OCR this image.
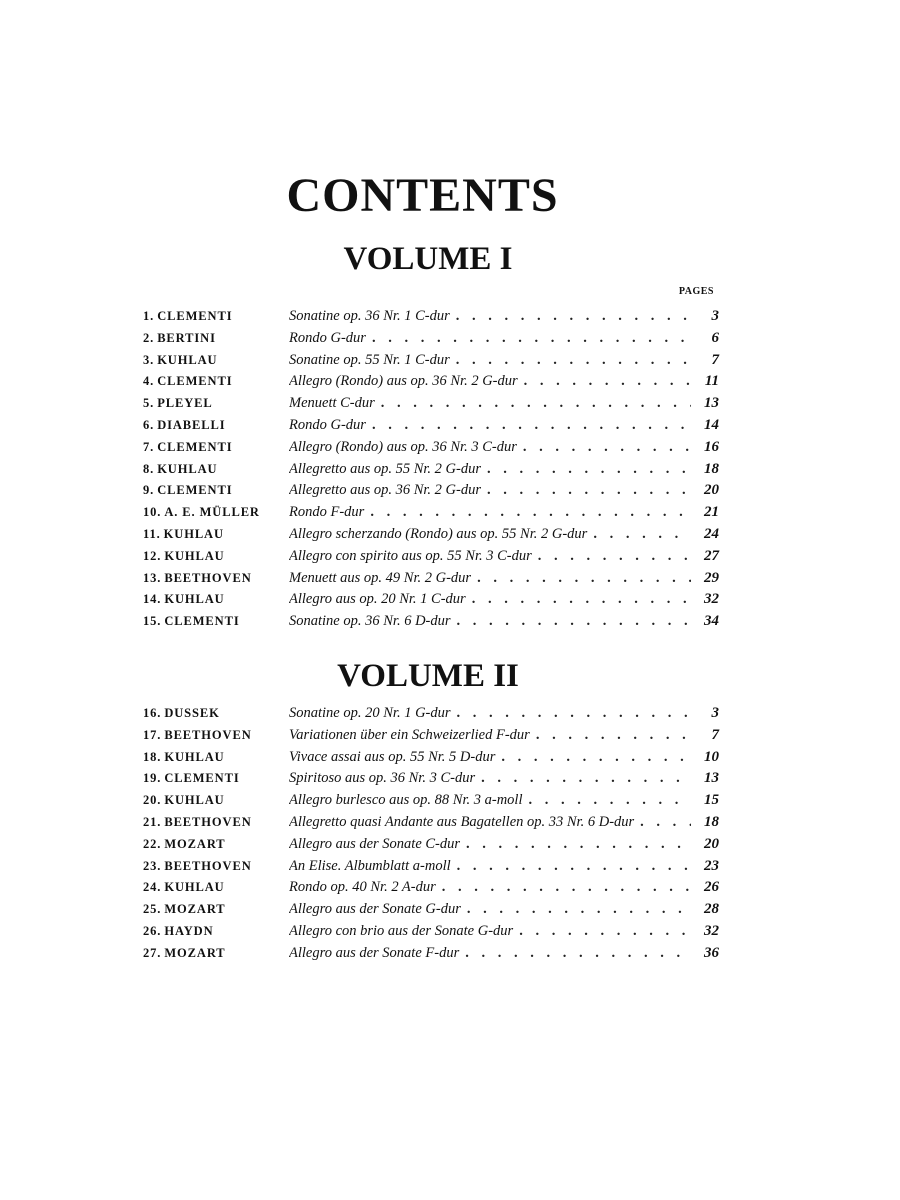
CONTENTS
VOLUME I
PAGES
1. CLEMENTI	Sonatine op. 36 Nr. 1 C-dur . . .	3
2. BERTINI	Rondo G-dur . . .	6
3. KUHLAU	Sonatine op. 55 Nr. 1 C-dur . . .	7
4. CLEMENTI	Allegro (Rondo) aus op. 36 Nr. 2 G-dur . . .	11
5. PLEYEL	Menuett C-dur . . .	13
6. DIABELLI	Rondo G-dur . . .	14
7. CLEMENTI	Allegro (Rondo) aus op. 36 Nr. 3 C-dur . . .	16
8. KUHLAU	Allegretto aus op. 55 Nr. 2 G-dur . . .	18
9. CLEMENTI	Allegretto aus op. 36 Nr. 2 G-dur . . .	20
10. A. E. MÜLLER	Rondo F-dur . . .	21
11. KUHLAU	Allegro scherzando (Rondo) aus op. 55 Nr. 2 G-dur . . .	24
12. KUHLAU	Allegro con spirito aus op. 55 Nr. 3 C-dur . . .	27
13. BEETHOVEN	Menuett aus op. 49 Nr. 2 G-dur . . .	29
14. KUHLAU	Allegro aus op. 20 Nr. 1 C-dur . . .	32
15. CLEMENTI	Sonatine op. 36 Nr. 6 D-dur . . .	34
VOLUME II
16. DUSSEK	Sonatine op. 20 Nr. 1 G-dur . . .	3
17. BEETHOVEN	Variationen über ein Schweizerlied F-dur . . .	7
18. KUHLAU	Vivace assai aus op. 55 Nr. 5 D-dur . . .	10
19. CLEMENTI	Spiritoso aus op. 36 Nr. 3 C-dur . . .	13
20. KUHLAU	Allegro burlesco aus op. 88 Nr. 3 a-moll . . .	15
21. BEETHOVEN	Allegretto quasi Andante aus Bagatellen op. 33 Nr. 6 D-dur . . .	18
22. MOZART	Allegro aus der Sonate C-dur . . .	20
23. BEETHOVEN	An Elise. Albumblatt a-moll . . .	23
24. KUHLAU	Rondo op. 40 Nr. 2 A-dur . . .	26
25. MOZART	Allegro aus der Sonate G-dur . . .	28
26. HAYDN	Allegro con brio aus der Sonate G-dur . . .	32
27. MOZART	Allegro aus der Sonate F-dur . . .	36
